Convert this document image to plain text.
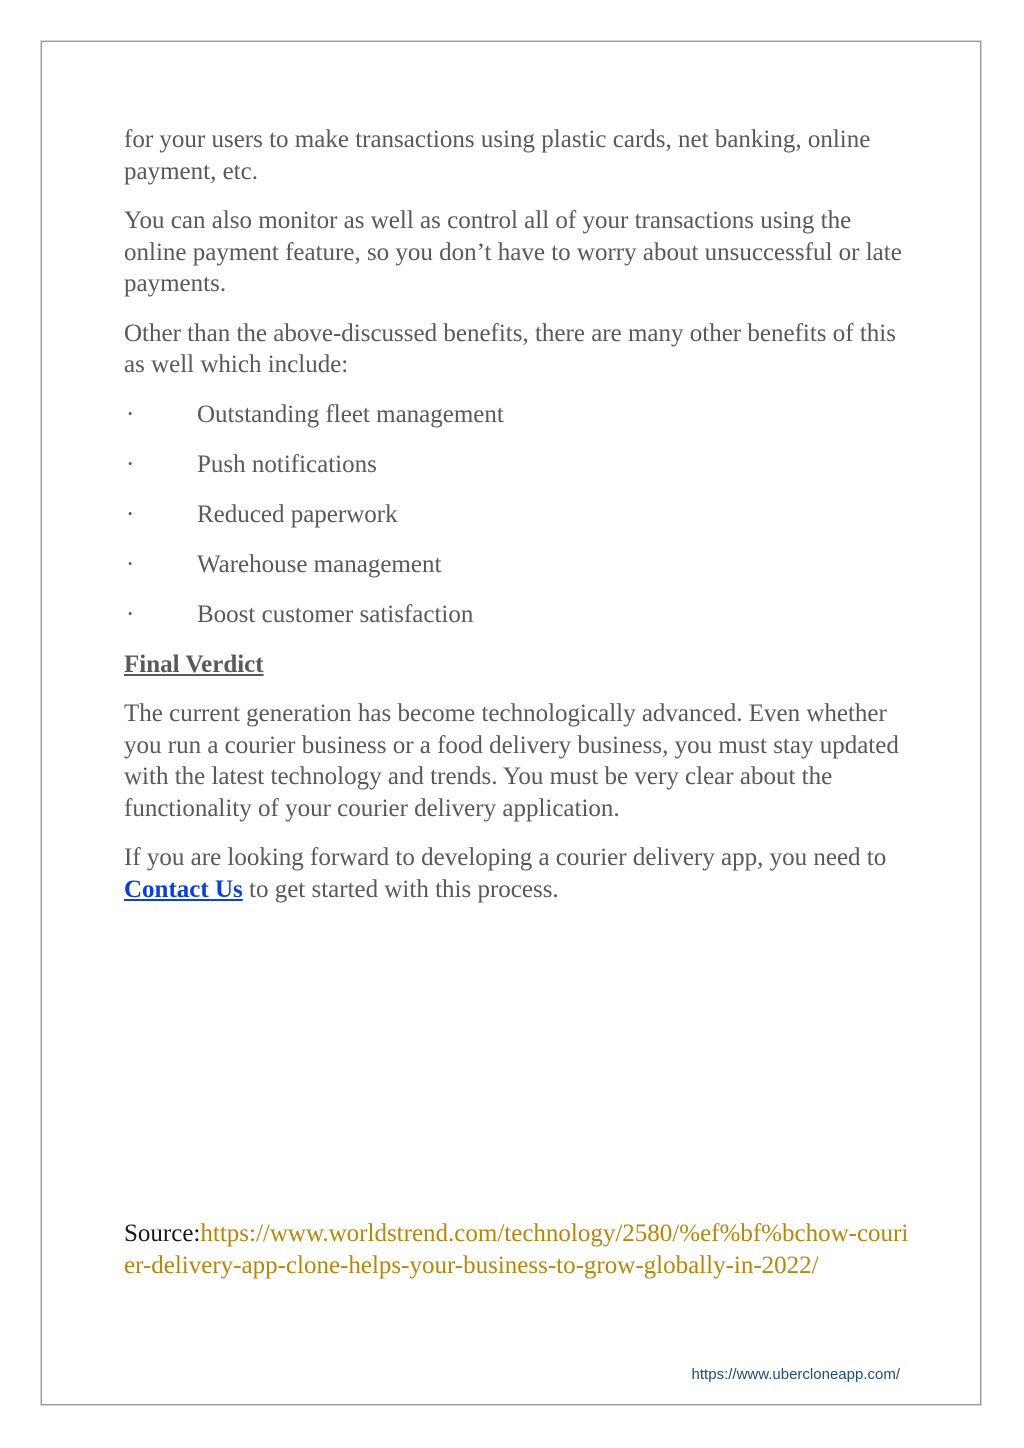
for your users to make transactions using plastic cards, net banking, online payment, etc.

You can also monitor as well as control all of your transactions using the online payment feature, so you don’t have to worry about unsuccessful or late payments.

Other than the above-discussed benefits, there are many other benefits of this as well which include:

·	Outstanding fleet management
·	Push notifications
·	Reduced paperwork
·	Warehouse management
·	Boost customer satisfaction
Final Verdict

The current generation has become technologically advanced. Even whether you run a courier business or a food delivery business, you must stay updated with the latest technology and trends. You must be very clear about the functionality of your courier delivery application.

If you are looking forward to developing a courier delivery app, you need to Contact Us to get started with this process.

Source:https://www.worldstrend.com/technology/2580/%ef%bf%bchow-courier-delivery-app-clone-helps-your-business-to-grow-globally-in-2022/
https://www.ubercloneapp.com/
